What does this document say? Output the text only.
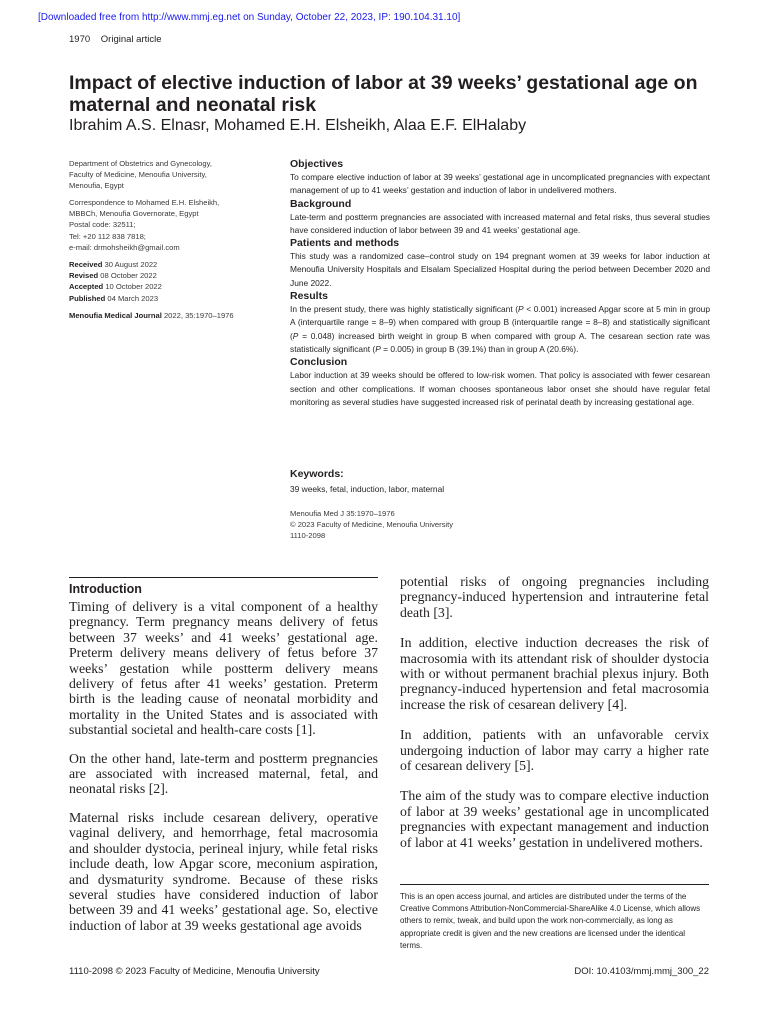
[Downloaded free from http://www.mmj.eg.net on Sunday, October 22, 2023, IP: 190.104.31.10]
1970 Original article
Impact of elective induction of labor at 39 weeks’ gestational age on maternal and neonatal risk
Ibrahim A.S. Elnasr, Mohamed E.H. Elsheikh, Alaa E.F. ElHalaby
Department of Obstetrics and Gynecology,
Faculty of Medicine, Menoufia University,
Menoufia, Egypt
Correspondence to Mohamed E.H. Elsheikh,
MBBCh, Menoufia Governorate, Egypt
Postal code: 32511;
Tel: +20 112 838 7818;
e-mail: drmohsheikh@gmail.com
Received 30 August 2022
Revised 08 October 2022
Accepted 10 October 2022
Published 04 March 2023
Menoufia Medical Journal 2022, 35:1970–1976
Objectives

To compare elective induction of labor at 39 weeks’ gestational age in uncomplicated pregnancies with expectant management of up to 41 weeks’ gestation and induction of labor in undelivered mothers.

Background

Late-term and postterm pregnancies are associated with increased maternal and fetal risks, thus several studies have considered induction of labor between 39 and 41 weeks’ gestational age.

Patients and methods

This study was a randomized case–control study on 194 pregnant women at 39 weeks for labor induction at Menoufia University Hospitals and Elsalam Specialized Hospital during the period between December 2020 and June 2022.

Results

In the present study, there was highly statistically significant (P < 0.001) increased Apgar score at 5 min in group A (interquartile range = 8–9) when compared with group B (interquartile range = 8–8) and statistically significant (P = 0.048) increased birth weight in group B when compared with group A. The cesarean section rate was statistically significant (P = 0.005) in group B (39.1%) than in group A (20.6%).

Conclusion

Labor induction at 39 weeks should be offered to low-risk women. That policy is associated with fewer cesarean section and other complications. If woman chooses spontaneous labor onset she should have regular fetal monitoring as several studies have suggested increased risk of perinatal death by increasing gestational age.

Keywords:

39 weeks, fetal, induction, labor, maternal

Menoufia Med J 35:1970–1976
© 2023 Faculty of Medicine, Menoufia University
1110-2098
Introduction

Timing of delivery is a vital component of a healthy pregnancy. Term pregnancy means delivery of fetus between 37 weeks’ and 41 weeks’ gestational age. Preterm delivery means delivery of fetus before 37 weeks’ gestation while postterm delivery means delivery of fetus after 41 weeks’ gestation. Preterm birth is the leading cause of neonatal morbidity and mortality in the United States and is associated with substantial societal and health-care costs [1].

On the other hand, late-term and postterm pregnancies are associated with increased maternal, fetal, and neonatal risks [2].

Maternal risks include cesarean delivery, operative vaginal delivery, and hemorrhage, fetal macrosomia and shoulder dystocia, perineal injury, while fetal risks include death, low Apgar score, meconium aspiration, and dysmaturity syndrome. Because of these risks several studies have considered induction of labor between 39 and 41 weeks’ gestational age. So, elective induction of labor at 39 weeks gestational age avoids

potential risks of ongoing pregnancies including pregnancy-induced hypertension and intrauterine fetal death [3].

In addition, elective induction decreases the risk of macrosomia with its attendant risk of shoulder dystocia with or without permanent brachial plexus injury. Both pregnancy-induced hypertension and fetal macrosomia increase the risk of cesarean delivery [4].

In addition, patients with an unfavorable cervix undergoing induction of labor may carry a higher rate of cesarean delivery [5].

The aim of the study was to compare elective induction of labor at 39 weeks’ gestational age in uncomplicated pregnancies with expectant management and induction of labor at 41 weeks’ gestation in undelivered mothers.

This is an open access journal, and articles are distributed under the terms of the Creative Commons Attribution-NonCommercial-ShareAlike 4.0 License, which allows others to remix, tweak, and build upon the work non-commercially, as long as appropriate credit is given and the new creations are licensed under the identical terms.
1110-2098 © 2023 Faculty of Medicine, Menoufia University	DOI: 10.4103/mmj.mmj_300_22
